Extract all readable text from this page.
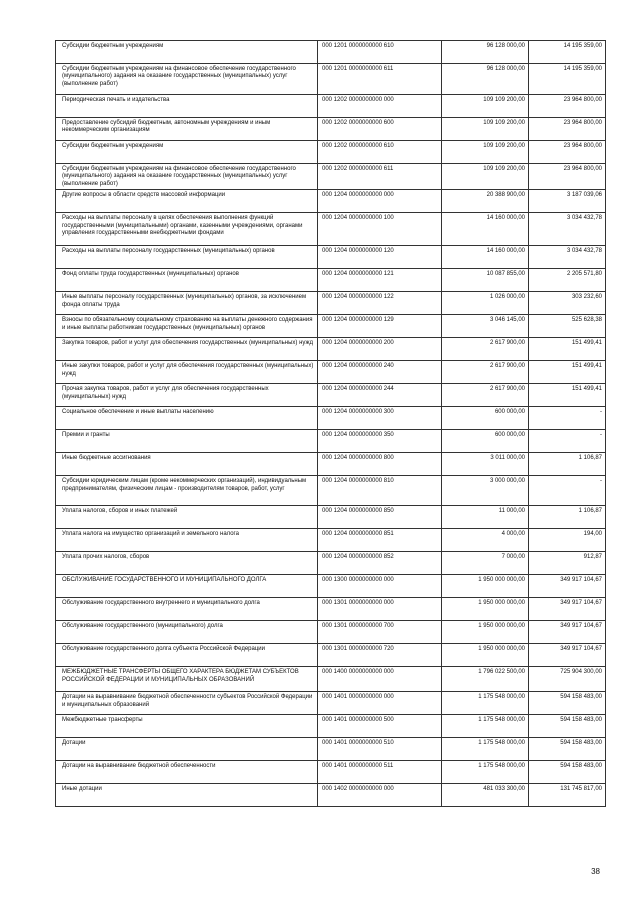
Субсидии бюджетным учреждениям	000 1201 0000000000 610	96 128 000,00	14 195 359,00
Субсидии бюджетным учреждениям на финансовое обеспечение государственного (муниципального) задания на оказание государственных (муниципальных) услуг (выполнение работ)	000 1201 0000000000 611	96 128 000,00	14 195 359,00
Периодическая печать и издательства	000 1202 0000000000 000	109 109 200,00	23 964 800,00
Предоставление субсидий бюджетным, автономным учреждениям и иным некоммерческим организациям	000 1202 0000000000 600	109 109 200,00	23 964 800,00
Субсидии бюджетным учреждениям	000 1202 0000000000 610	109 109 200,00	23 964 800,00
Субсидии бюджетным учреждениям на финансовое обеспечение государственного (муниципального) задания на оказание государственных (муниципальных) услуг (выполнение работ)	000 1202 0000000000 611	109 109 200,00	23 964 800,00
Другие вопросы в области средств массовой информации	000 1204 0000000000 000	20 388 900,00	3 187 039,06
Расходы на выплаты персоналу в целях обеспечения выполнения функций государственными (муниципальными) органами, казенными учреждениями, органами управления государственными внебюджетными фондами	000 1204 0000000000 100	14 160 000,00	3 034 432,78
Расходы на выплаты персоналу государственных (муниципальных) органов	000 1204 0000000000 120	14 160 000,00	3 034 432,78
Фонд оплаты труда государственных (муниципальных) органов	000 1204 0000000000 121	10 087 855,00	2 205 571,80
Иные выплаты персоналу государственных (муниципальных) органов, за исключением фонда оплаты труда	000 1204 0000000000 122	1 026 000,00	303 232,60
Взносы по обязательному социальному страхованию на выплаты денежного содержания и иные выплаты работникам государственных (муниципальных) органов	000 1204 0000000000 129	3 046 145,00	525 628,38
Закупка товаров, работ и услуг для обеспечения государственных (муниципальных) нужд	000 1204 0000000000 200	2 617 900,00	151 499,41
Иные закупки товаров, работ и услуг для обеспечения государственных (муниципальных) нужд	000 1204 0000000000 240	2 617 900,00	151 499,41
Прочая закупка товаров, работ и услуг для обеспечения государственных (муниципальных) нужд	000 1204 0000000000 244	2 617 900,00	151 499,41
Социальное обеспечение и иные выплаты населению	000 1204 0000000000 300	600 000,00	-
Премии и гранты	000 1204 0000000000 350	600 000,00	-
Иные бюджетные ассигнования	000 1204 0000000000 800	3 011 000,00	1 106,87
Субсидии юридическим лицам (кроме некоммерческих организаций), индивидуальным предпринимателям, физическим лицам - производителям товаров, работ, услуг	000 1204 0000000000 810	3 000 000,00	-
Уплата налогов, сборов и иных платежей	000 1204 0000000000 850	11 000,00	1 106,87
Уплата налога на имущество организаций и земельного налога	000 1204 0000000000 851	4 000,00	194,00
Уплата прочих налогов, сборов	000 1204 0000000000 852	7 000,00	912,87
ОБСЛУЖИВАНИЕ ГОСУДАРСТВЕННОГО И МУНИЦИПАЛЬНОГО ДОЛГА	000 1300 0000000000 000	1 950 000 000,00	349 917 104,67
Обслуживание государственного внутреннего и муниципального долга	000 1301 0000000000 000	1 950 000 000,00	349 917 104,67
Обслуживание государственного (муниципального) долга	000 1301 0000000000 700	1 950 000 000,00	349 917 104,67
Обслуживание государственного долга субъекта Российской Федерации	000 1301 0000000000 720	1 950 000 000,00	349 917 104,67
МЕЖБЮДЖЕТНЫЕ ТРАНСФЕРТЫ ОБЩЕГО ХАРАКТЕРА БЮДЖЕТАМ СУБЪЕКТОВ РОССИЙСКОЙ ФЕДЕРАЦИИ И МУНИЦИПАЛЬНЫХ ОБРАЗОВАНИЙ	000 1400 0000000000 000	1 796 022 500,00	725 904 300,00
Дотации на выравнивание бюджетной обеспеченности субъектов Российской Федерации и муниципальных образований	000 1401 0000000000 000	1 175 548 000,00	594 158 483,00
Межбюджетные трансферты	000 1401 0000000000 500	1 175 548 000,00	594 158 483,00
Дотации	000 1401 0000000000 510	1 175 548 000,00	594 158 483,00
Дотации на выравнивание бюджетной обеспеченности	000 1401 0000000000 511	1 175 548 000,00	594 158 483,00
Иные дотации	000 1402 0000000000 000	481 033 300,00	131 745 817,00
38
